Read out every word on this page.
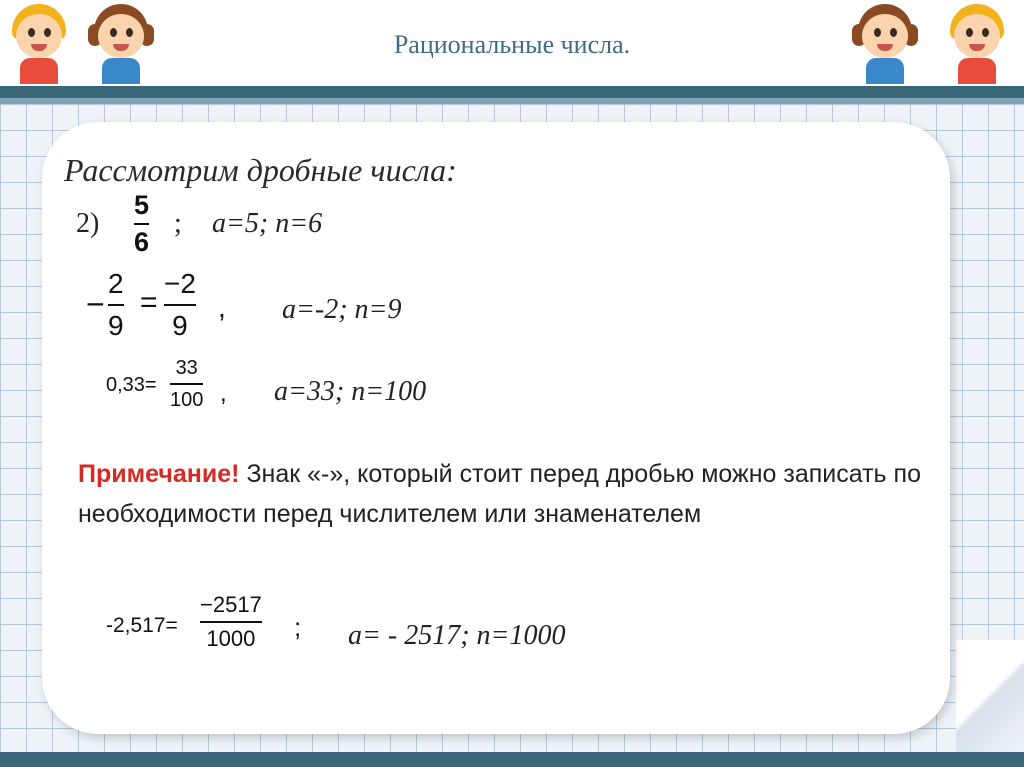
Рациональные числа.
Рассмотрим дробные числа:
2)
5
6
; a=5; n=6
−
2
9
=
−2
9
, a=-2; n=9
0,33=
33
100 , a=33; n=100
Примечание! Знак «-», который стоит перед дробью можно записать по необходимости перед числителем или знаменателем
-2,517=
−2517
1000 ; a= - 2517; n=1000
